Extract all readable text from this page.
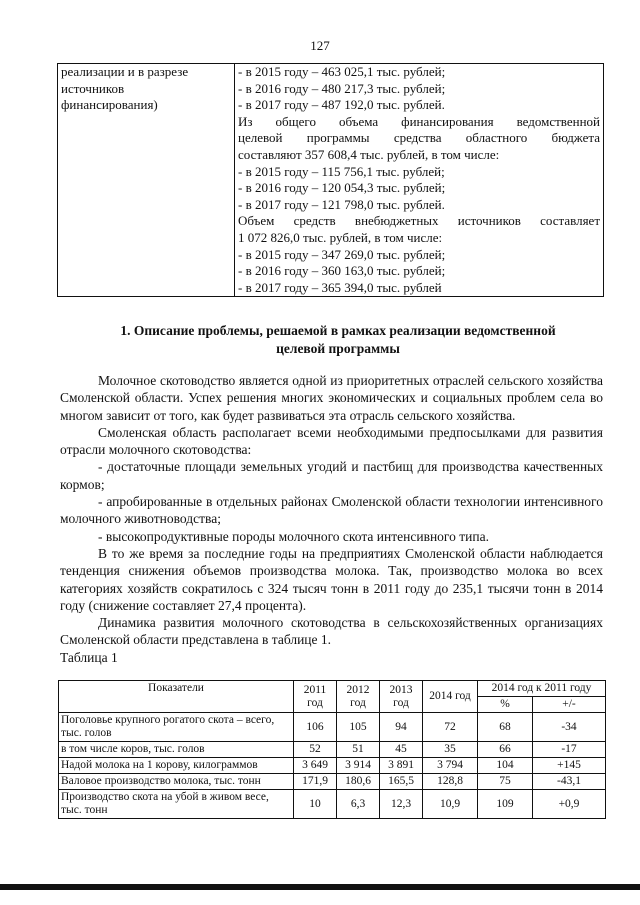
127
реализации и в разрезе
источников
финансирования)

- в 2015 году – 463 025,1 тыс. рублей;
- в 2016 году – 480 217,3 тыс. рублей;
- в 2017 году – 487 192,0 тыс. рублей.
Из общего объема финансирования ведомственной
целевой программы средства областного бюджета
составляют 357 608,4 тыс. рублей, в том числе:
- в 2015 году – 115 756,1 тыс. рублей;
- в 2016 году – 120 054,3 тыс. рублей;
- в 2017 году – 121 798,0 тыс. рублей.
Объем средств внебюджетных источников составляет
1 072 826,0 тыс. рублей, в том числе:
- в 2015 году – 347 269,0 тыс. рублей;
- в 2016 году – 360 163,0 тыс. рублей;
- в 2017 году – 365 394,0 тыс. рублей
1. Описание проблемы, решаемой в рамках реализации ведомственной целевой программы

Молочное скотоводство является одной из приоритетных отраслей сельского хозяйства Смоленской области. Успех решения многих экономических и социальных проблем села во многом зависит от того, как будет развиваться эта отрасль сельского хозяйства.

Смоленская область располагает всеми необходимыми предпосылками для развития отрасли молочного скотоводства:

- достаточные площади земельных угодий и пастбищ для производства качественных кормов;

- апробированные в отдельных районах Смоленской области технологии интенсивного молочного животноводства;

- высокопродуктивные породы молочного скота интенсивного типа.

В то же время за последние годы на предприятиях Смоленской области наблюдается тенденция снижения объемов производства молока. Так, производство молока во всех категориях хозяйств сократилось с 324 тысяч тонн в 2011 году до 235,1 тысячи тонн в 2014 году (снижение составляет 27,4 процента).

Динамика развития молочного скотоводства в сельскохозяйственных организациях Смоленской области представлена в таблице 1.

Таблица 1

Показатели	2011 год	2012 год	2013 год	2014 год	2014 год к 2011 году	
					%	+/-
Поголовье крупного рогатого скота – всего, тыс. голов	106	105	94	72	68	-34
в том числе коров, тыс. голов	52	51	45	35	66	-17
Надой молока на 1 корову, килограммов	3 649	3 914	3 891	3 794	104	+145
Валовое производство молока, тыс. тонн	171,9	180,6	165,5	128,8	75	-43,1
Производство скота на убой в живом весе, тыс. тонн	10	6,3	12,3	10,9	109	+0,9
